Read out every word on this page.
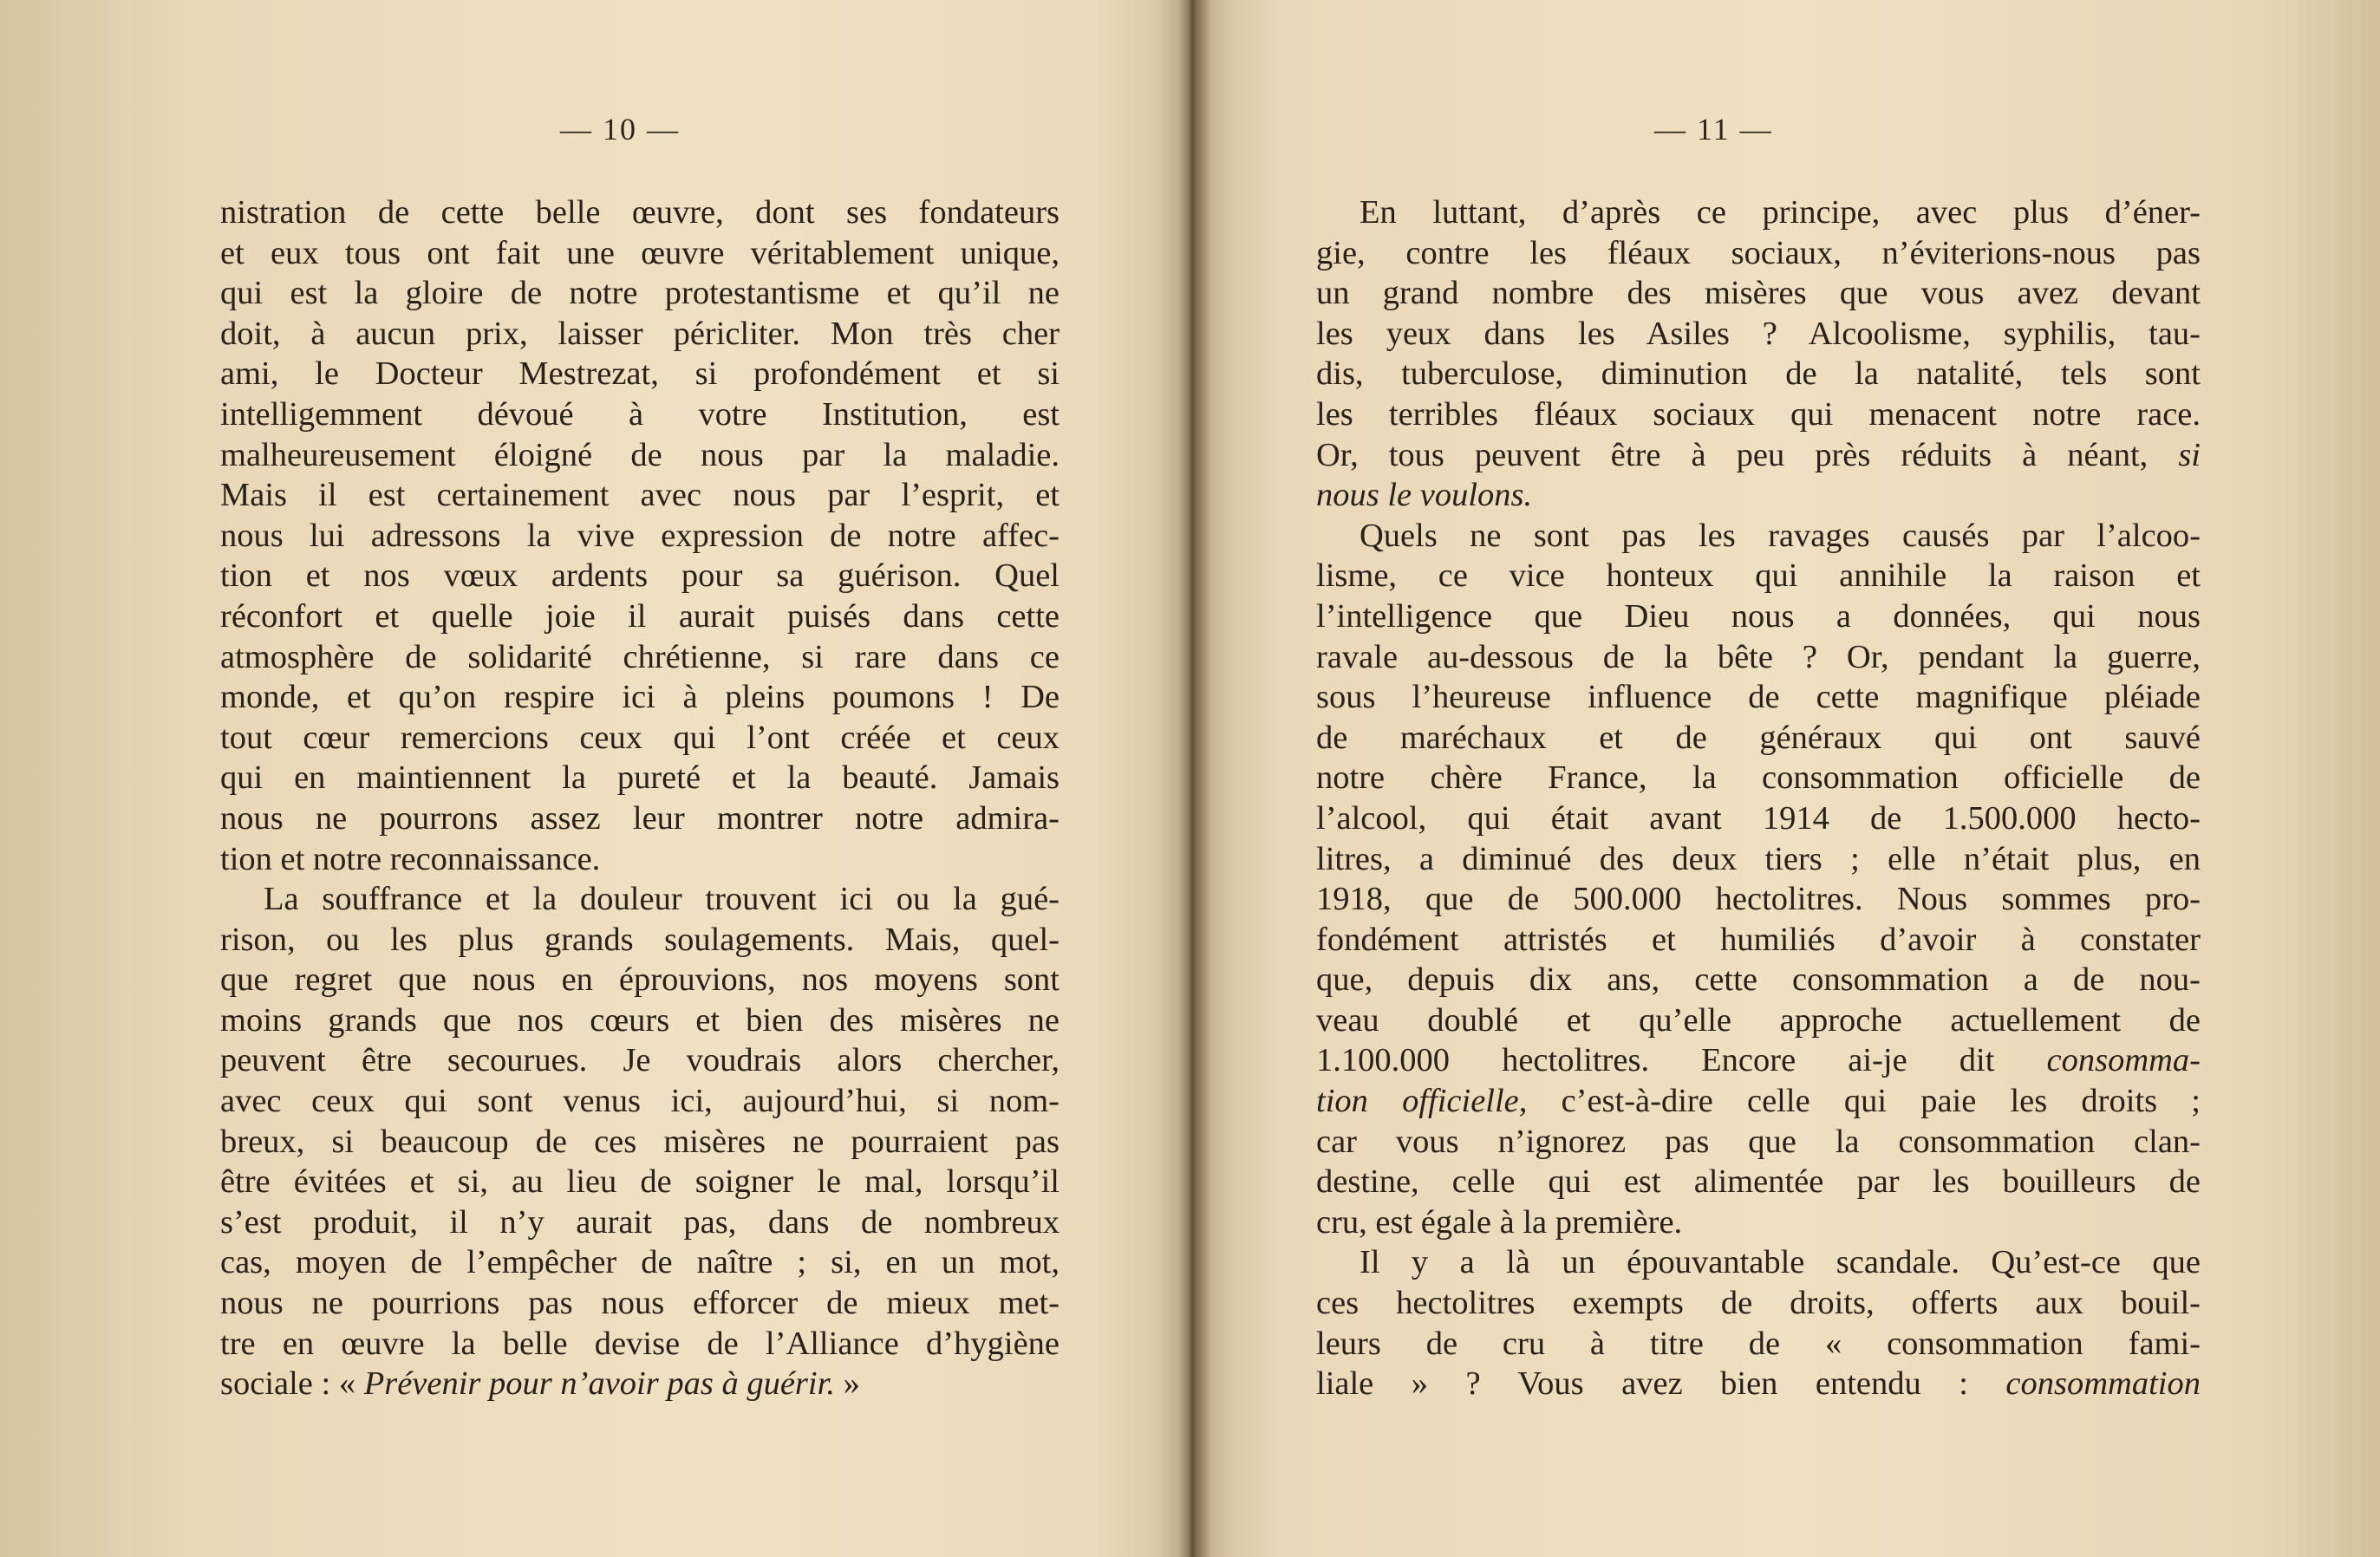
— 10 —
nistration de cette belle œuvre, dont ses fondateurs
et eux tous ont fait une œuvre véritablement unique,
qui est la gloire de notre protestantisme et qu’il ne
doit, à aucun prix, laisser péricliter. Mon très cher
ami, le Docteur Mestrezat, si profondément et si
intelligemment dévoué à votre Institution, est
malheureusement éloigné de nous par la maladie.
Mais il est certainement avec nous par l’esprit, et
nous lui adressons la vive expression de notre affec-
tion et nos vœux ardents pour sa guérison. Quel
réconfort et quelle joie il aurait puisés dans cette
atmosphère de solidarité chrétienne, si rare dans ce
monde, et qu’on respire ici à pleins poumons ! De
tout cœur remercions ceux qui l’ont créée et ceux
qui en maintiennent la pureté et la beauté. Jamais
nous ne pourrons assez leur montrer notre admira-
tion et notre reconnaissance.
La souffrance et la douleur trouvent ici ou la gué-
rison, ou les plus grands soulagements. Mais, quel-
que regret que nous en éprouvions, nos moyens sont
moins grands que nos cœurs et bien des misères ne
peuvent être secourues. Je voudrais alors chercher,
avec ceux qui sont venus ici, aujourd’hui, si nom-
breux, si beaucoup de ces misères ne pourraient pas
être évitées et si, au lieu de soigner le mal, lorsqu’il
s’est produit, il n’y aurait pas, dans de nombreux
cas, moyen de l’empêcher de naître ; si, en un mot,
nous ne pourrions pas nous efforcer de mieux met-
tre en œuvre la belle devise de l’Alliance d’hygiène
sociale : « Prévenir pour n’avoir pas à guérir. »
— 11 —
En luttant, d’après ce principe, avec plus d’éner-
gie, contre les fléaux sociaux, n’éviterions-nous pas
un grand nombre des misères que vous avez devant
les yeux dans les Asiles ? Alcoolisme, syphilis, tau-
dis, tuberculose, diminution de la natalité, tels sont
les terribles fléaux sociaux qui menacent notre race.
Or, tous peuvent être à peu près réduits à néant, si
nous le voulons.
Quels ne sont pas les ravages causés par l’alcoo-
lisme, ce vice honteux qui annihile la raison et
l’intelligence que Dieu nous a données, qui nous
ravale au-dessous de la bête ? Or, pendant la guerre,
sous l’heureuse influence de cette magnifique pléiade
de maréchaux et de généraux qui ont sauvé
notre chère France, la consommation officielle de
l’alcool, qui était avant 1914 de 1.500.000 hecto-
litres, a diminué des deux tiers ; elle n’était plus, en
1918, que de 500.000 hectolitres. Nous sommes pro-
fondément attristés et humiliés d’avoir à constater
que, depuis dix ans, cette consommation a de nou-
veau doublé et qu’elle approche actuellement de
1.100.000 hectolitres. Encore ai-je dit consomma-
tion officielle, c’est-à-dire celle qui paie les droits ;
car vous n’ignorez pas que la consommation clan-
destine, celle qui est alimentée par les bouilleurs de
cru, est égale à la première.
Il y a là un épouvantable scandale. Qu’est-ce que
ces hectolitres exempts de droits, offerts aux bouil-
leurs de cru à titre de « consommation fami-
liale » ? Vous avez bien entendu : consommation
